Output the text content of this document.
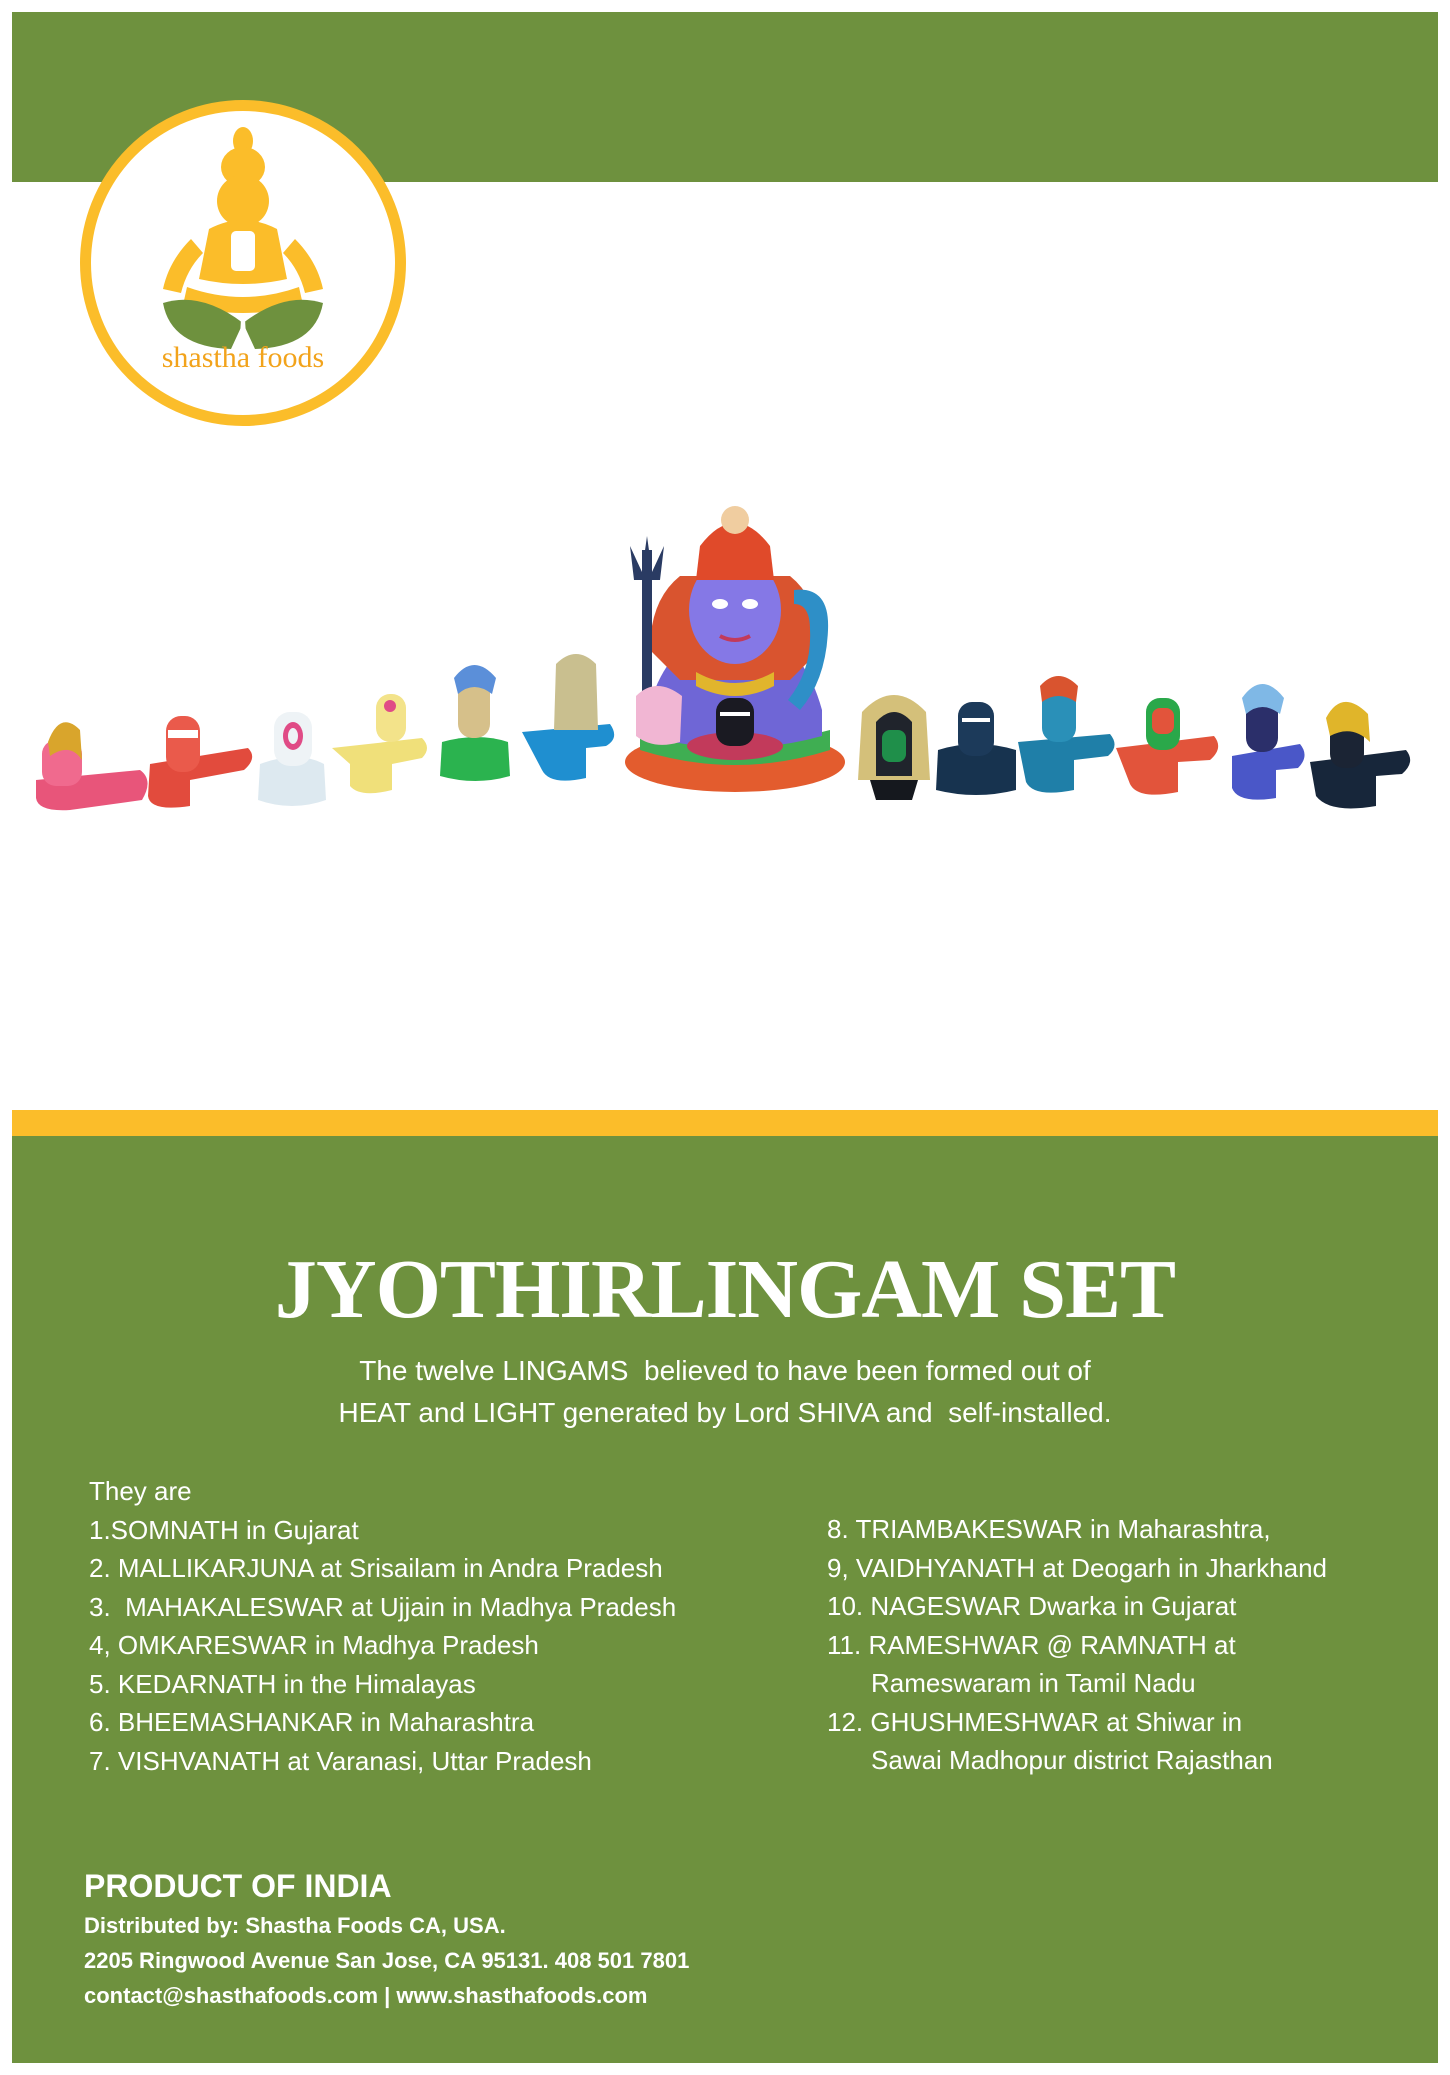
shastha foods
JYOTHIRLINGAM SET
The twelve LINGAMS  believed to have been formed out of
HEAT and LIGHT generated by Lord SHIVA and  self-installed.
They are
1.SOMNATH in Gujarat
2. MALLIKARJUNA at Srisailam in Andra Pradesh
3.  MAHAKALESWAR at Ujjain in Madhya Pradesh
4, OMKARESWAR in Madhya Pradesh
5. KEDARNATH in the Himalayas
6. BHEEMASHANKAR in Maharashtra
7. VISHVANATH at Varanasi, Uttar Pradesh
8. TRIAMBAKESWAR in Maharashtra,
9, VAIDHYANATH at Deogarh in Jharkhand
10. NAGESWAR Dwarka in Gujarat
11. RAMESHWAR @ RAMNATH at
Rameswaram in Tamil Nadu
12. GHUSHMESHWAR at Shiwar in
Sawai Madhopur district Rajasthan
PRODUCT OF INDIA
Distributed by: Shastha Foods CA, USA.
2205 Ringwood Avenue San Jose, CA 95131. 408 501 7801
contact@shasthafoods.com | www.shasthafoods.com
